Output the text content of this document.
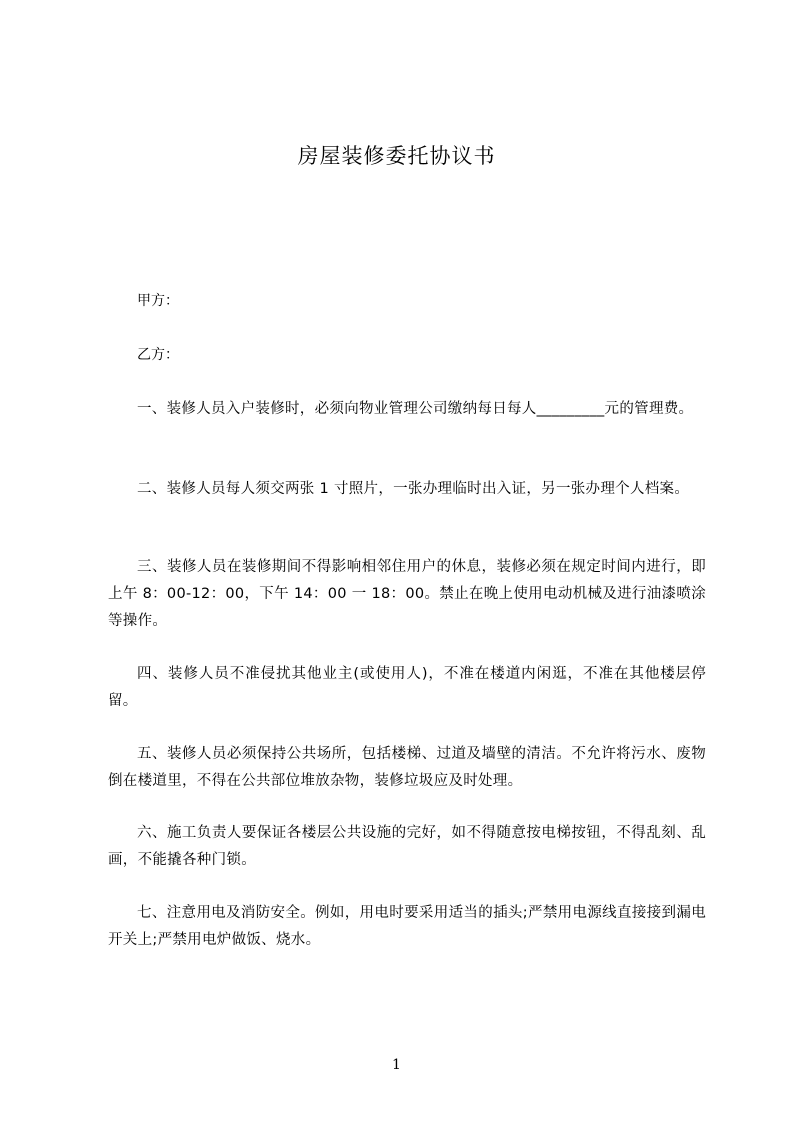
房屋装修委托协议书
甲方：
乙方：
一、装修人员入户装修时，必须向物业管理公司缴纳每日每人_________元的管理费。
二、装修人员每人须交两张 1 寸照片，一张办理临时出入证，另一张办理个人档案。
三、装修人员在装修期间不得影响相邻住用户的休息，装修必须在规定时间内进行，即上午 8：00-12：00，下午 14：00 一 18：00。禁止在晚上使用电动机械及进行油漆喷涂等操作。
四、装修人员不准侵扰其他业主(或使用人)，不准在楼道内闲逛，不准在其他楼层停留。
五、装修人员必须保持公共场所，包括楼梯、过道及墙壁的清洁。不允许将污水、废物倒在楼道里，不得在公共部位堆放杂物，装修垃圾应及时处理。
六、施工负责人要保证各楼层公共设施的完好，如不得随意按电梯按钮，不得乱刻、乱画，不能撬各种门锁。
七、注意用电及消防安全。例如，用电时要采用适当的插头;严禁用电源线直接接到漏电开关上;严禁用电炉做饭、烧水。
1
